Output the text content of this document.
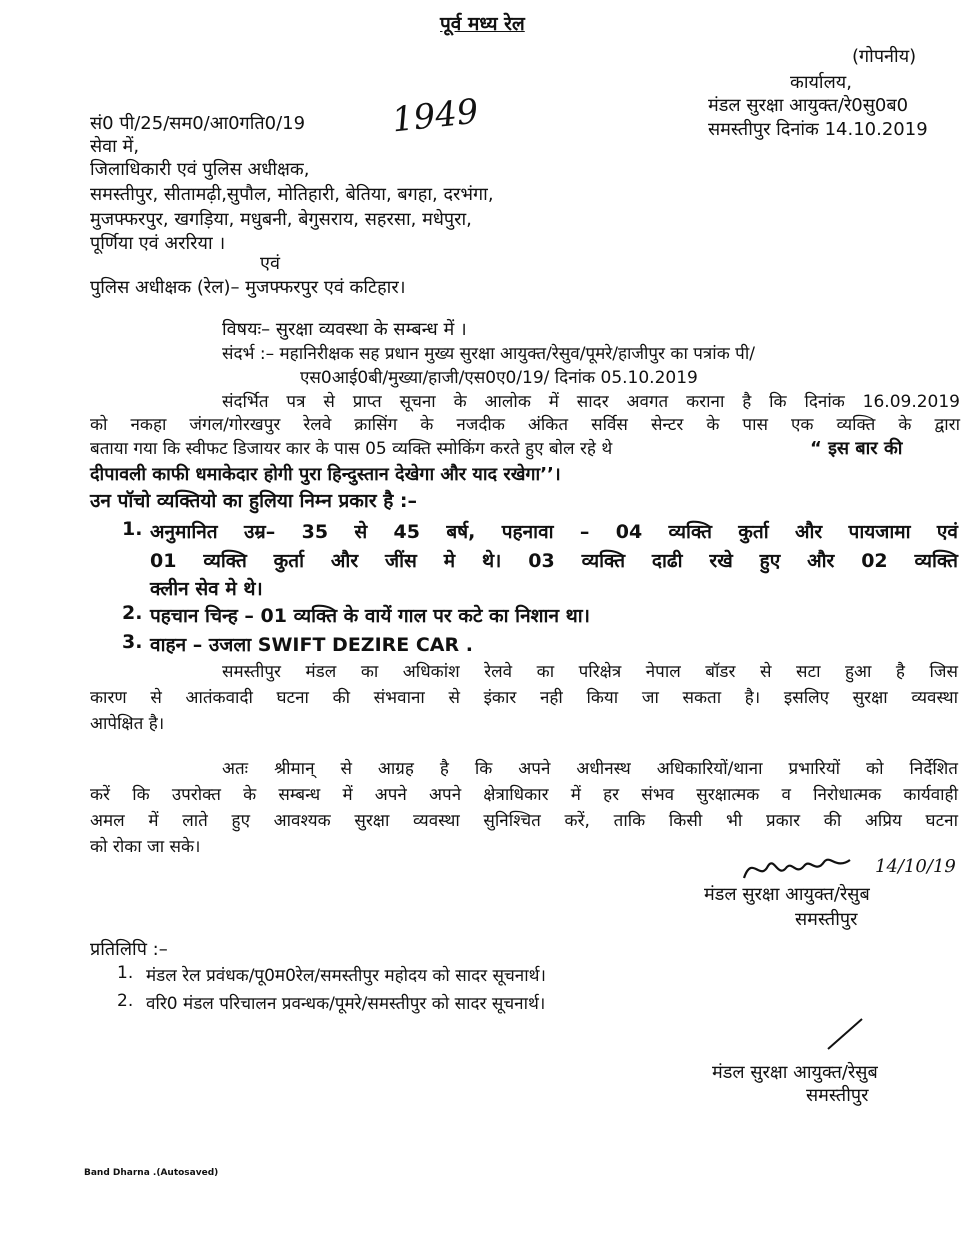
पूर्व मध्य रेल
(गोपनीय)
कार्यालय,
मंडल सुरक्षा आयुक्त/रे0सु0ब0
समस्तीपुर दिनांक 14.10.2019
सं0 पी/25/सम0/आ0गति0/19	1949
सेवा में,
जिलाधिकारी एवं पुलिस अधीक्षक,
समस्तीपुर, सीतामढ़ी,सुपौल, मोतिहारी, बेतिया, बगहा, दरभंगा,
मुजफ्फरपुर, खगड़िया, मधुबनी, बेगुसराय, सहरसा, मधेपुरा,
पूर्णिया एवं अररिया ।
एवं
पुलिस अधीक्षक (रेल)– मुजफ्फरपुर एवं कटिहार।
विषयः– सुरक्षा व्यवस्था के सम्बन्ध में ।
संदर्भ :– महानिरीक्षक सह प्रधान मुख्य सुरक्षा आयुक्त/रेसुव/पूमरे/हाजीपुर का पत्रांक पी/
एस0आई0बी/मुख्या/हाजी/एस0ए0/19/ दिनांक 05.10.2019
संदर्भित पत्र से प्राप्त सूचना के आलोक में सादर अवगत कराना है कि दिनांक 16.09.2019
को नकहा जंगल/गोरखपुर रेलवे क्रासिंग के नजदीक अंकित सर्विस सेन्टर के पास एक व्यक्ति के द्वारा
बताया गया कि स्वीफट डिजायर कार के पास 05 व्यक्ति स्मोकिंग करते हुए बोल रहे थे	“ इस बार की
दीपावली काफी धमाकेदार होगी पुरा हिन्दुस्तान देखेगा और याद रखेगा’’।
उन पॉचो व्यक्तियो का हुलिया निम्न प्रकार है :–
1. अनुमानित उम्र– 35 से 45 बर्ष, पहनावा – 04 व्यक्ति कुर्ता और पायजामा एवं
01 व्यक्ति कुर्ता और जींस मे थे। 03 व्यक्ति दाढी रखे हुए और 02 व्यक्ति
क्लीन सेव मे थे।
2. पहचान चिन्ह – 01 व्यक्ति के वायें गाल पर कटे का निशान था।
3. वाहन – उजला SWIFT DEZIRE CAR .
समस्तीपुर मंडल का अधिकांश रेलवे का परिक्षेत्र नेपाल बॉडर से सटा हुआ है जिस
कारण से आतंकवादी घटना की संभवाना से इंकार नही किया जा सकता है। इसलिए सुरक्षा व्यवस्था
आपेक्षित है।
अतः श्रीमान् से आग्रह है कि अपने अधीनस्थ अधिकारियों/थाना प्रभारियों को निर्देशित
करें कि उपरोक्त के सम्बन्ध में अपने अपने क्षेत्राधिकार में हर संभव सुरक्षात्मक व निरोधात्मक कार्यवाही
अमल में लाते हुए आवश्यक सुरक्षा व्यवस्था सुनिश्चित करें, ताकि किसी भी प्रकार की अप्रिय घटना
को रोका जा सके।
14/10/19
मंडल सुरक्षा आयुक्त/रेसुब
समस्तीपुर
प्रतिलिपि :–
1. मंडल रेल प्रवंधक/पू0म0रेल/समस्तीपुर महोदय को सादर सूचनार्थ।
2. वरि0 मंडल परिचालन प्रवन्धक/पूमरे/समस्तीपुर को सादर सूचनार्थ।
मंडल सुरक्षा आयुक्त/रेसुब
समस्तीपुर
Band Dharna .(Autosaved)
